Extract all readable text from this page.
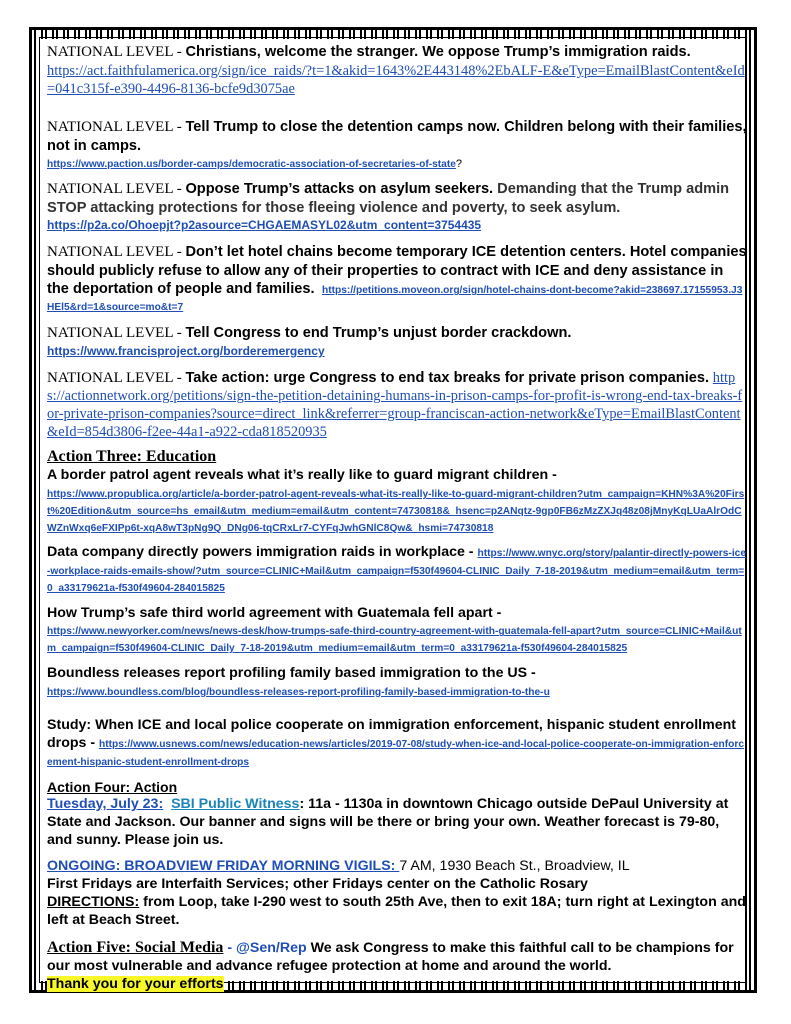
NATIONAL LEVEL - Christians, welcome the stranger. We oppose Trump’s immigration raids.
https://act.faithfulamerica.org/sign/ice_raids/?t=1&akid=1643%2E443148%2EbALF-E&eType=EmailBlastContent&eId=041c315f-e390-4496-8136-bcfe9d3075ae
NATIONAL LEVEL - Tell Trump to close the detention camps now. Children belong with their families, not in camps.
https://www.paction.us/border-camps/democratic-association-of-secretaries-of-state?
NATIONAL LEVEL - Oppose Trump’s attacks on asylum seekers. Demanding that the Trump admin STOP attacking protections for those fleeing violence and poverty, to seek asylum.
https://p2a.co/Ohoepjt?p2asource=CHGAEMASYL02&utm_content=3754435
NATIONAL LEVEL - Don’t let hotel chains become temporary ICE detention centers. Hotel companies should publicly refuse to allow any of their properties to contract with ICE and deny assistance in the deportation of people and families. https://petitions.moveon.org/sign/hotel-chains-dont-become?akid=238697.17155953.J3HEl5&rd=1&source=mo&t=7
NATIONAL LEVEL - Tell Congress to end Trump’s unjust border crackdown.
https://www.francisproject.org/borderemergency
NATIONAL LEVEL - Take action: urge Congress to end tax breaks for private prison companies. https://actionnetwork.org/petitions/sign-the-petition-detaining-humans-in-prison-camps-for-profit-is-wrong-end-tax-breaks-for-private-prison-companies?source=direct_link&referrer=group-franciscan-action-network&eType=EmailBlastContent&eId=854d3806-f2ee-44a1-a922-cda818520935
Action Three: Education
A border patrol agent reveals what it’s really like to guard migrant children -
https://www.propublica.org/article/a-border-patrol-agent-reveals-what-its-really-like-to-guard-migrant-children?utm_campaign=KHN%3A%20First%20Edition&utm_source=hs_email&utm_medium=email&utm_content=74730818&_hsenc=p2ANqtz-9gp0FB6zMzZXJq48z08jMnyKqLUaAlrOdCWZnWxq6eFXIPp6t-xqA8wT3pNg9Q_DNg06-tqCRxLr7-CYFqJwhGNlC8Qw&_hsmi=74730818
Data company directly powers immigration raids in workplace - https://www.wnyc.org/story/palantir-directly-powers-ice-workplace-raids-emails-show/?utm_source=CLINIC+Mail&utm_campaign=f530f49604-CLINIC_Daily_7-18-2019&utm_medium=email&utm_term=0_a33179621a-f530f49604-284015825
How Trump’s safe third world agreement with Guatemala fell apart -
https://www.newyorker.com/news/news-desk/how-trumps-safe-third-country-agreement-with-guatemala-fell-apart?utm_source=CLINIC+Mail&utm_campaign=f530f49604-CLINIC_Daily_7-18-2019&utm_medium=email&utm_term=0_a33179621a-f530f49604-284015825
Boundless releases report profiling family based immigration to the US -
https://www.boundless.com/blog/boundless-releases-report-profiling-family-based-immigration-to-the-u
Study: When ICE and local police cooperate on immigration enforcement, hispanic student enrollment drops - https://www.usnews.com/news/education-news/articles/2019-07-08/study-when-ice-and-local-police-cooperate-on-immigration-enforcement-hispanic-student-enrollment-drops
Action Four: Action
Tuesday, July 23: SBI Public Witness: 11a - 1130a in downtown Chicago outside DePaul University at State and Jackson. Our banner and signs will be there or bring your own. Weather forecast is 79-80, and sunny. Please join us.
ONGOING: BROADVIEW FRIDAY MORNING VIGILS: 7 AM, 1930 Beach St., Broadview, IL
First Fridays are Interfaith Services; other Fridays center on the Catholic Rosary
DIRECTIONS: from Loop, take I-290 west to south 25th Ave, then to exit 18A; turn right at Lexington and left at Beach Street.
Action Five: Social Media - @Sen/Rep We ask Congress to make this faithful call to be champions for our most vulnerable and advance refugee protection at home and around the world. Thank you for your efforts
